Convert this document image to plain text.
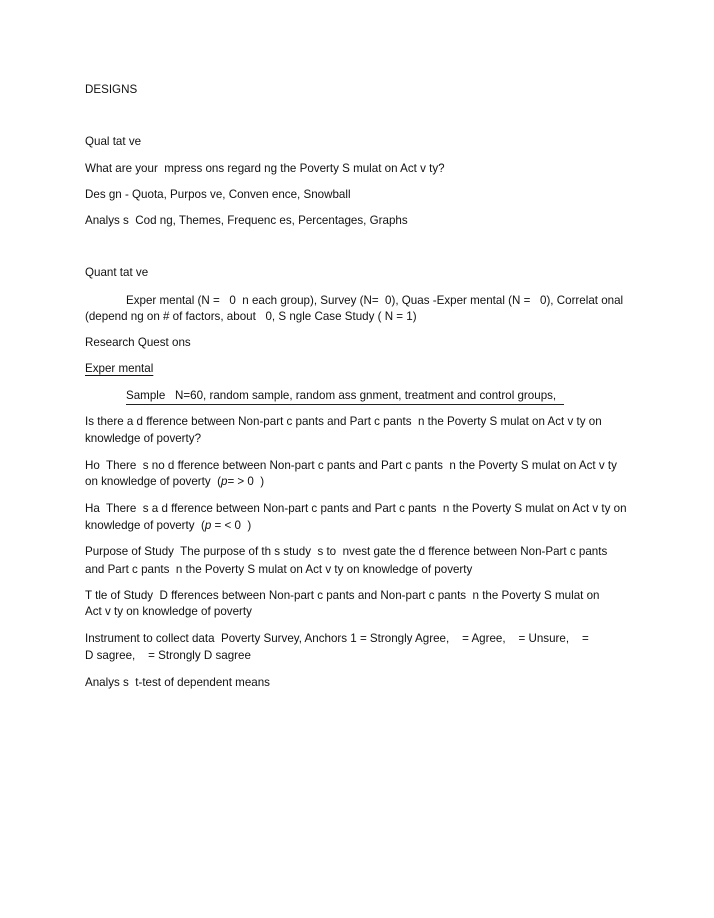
DESIGNS
Qual tat ve
What are your  mpress ons regard ng the Poverty S mulat on Act v ty?
Des gn - Quota, Purpos ve, Conven ence, Snowball
Analys s  Cod ng, Themes, Frequenc es, Percentages, Graphs
Quant tat ve
Exper mental (N =   0  n each group), Survey (N=  0), Quas -Exper mental (N =   0), Correlat onal
(depend ng on # of factors, about   0, S ngle Case Study ( N = 1)
Research Quest ons
Exper mental
Sample   N=60, random sample, random ass gnment, treatment and control groups,
Is there a d fference between Non-part c pants and Part c pants  n the Poverty S mulat on Act v ty on
knowledge of poverty?
Ho  There  s no d fference between Non-part c pants and Part c pants  n the Poverty S mulat on Act v ty
on knowledge of poverty  (p= > 0  )
Ha  There  s a d fference between Non-part c pants and Part c pants  n the Poverty S mulat on Act v ty on
knowledge of poverty  (p = < 0  )
Purpose of Study  The purpose of th s study  s to  nvest gate the d fference between Non-Part c pants
and Part c pants  n the Poverty S mulat on Act v ty on knowledge of poverty
T tle of Study  D fferences between Non-part c pants and Non-part c pants  n the Poverty S mulat on
Act v ty on knowledge of poverty
Instrument to collect data  Poverty Survey, Anchors 1 = Strongly Agree,    = Agree,    = Unsure,    =
D sagree,    = Strongly D sagree
Analys s  t-test of dependent means
